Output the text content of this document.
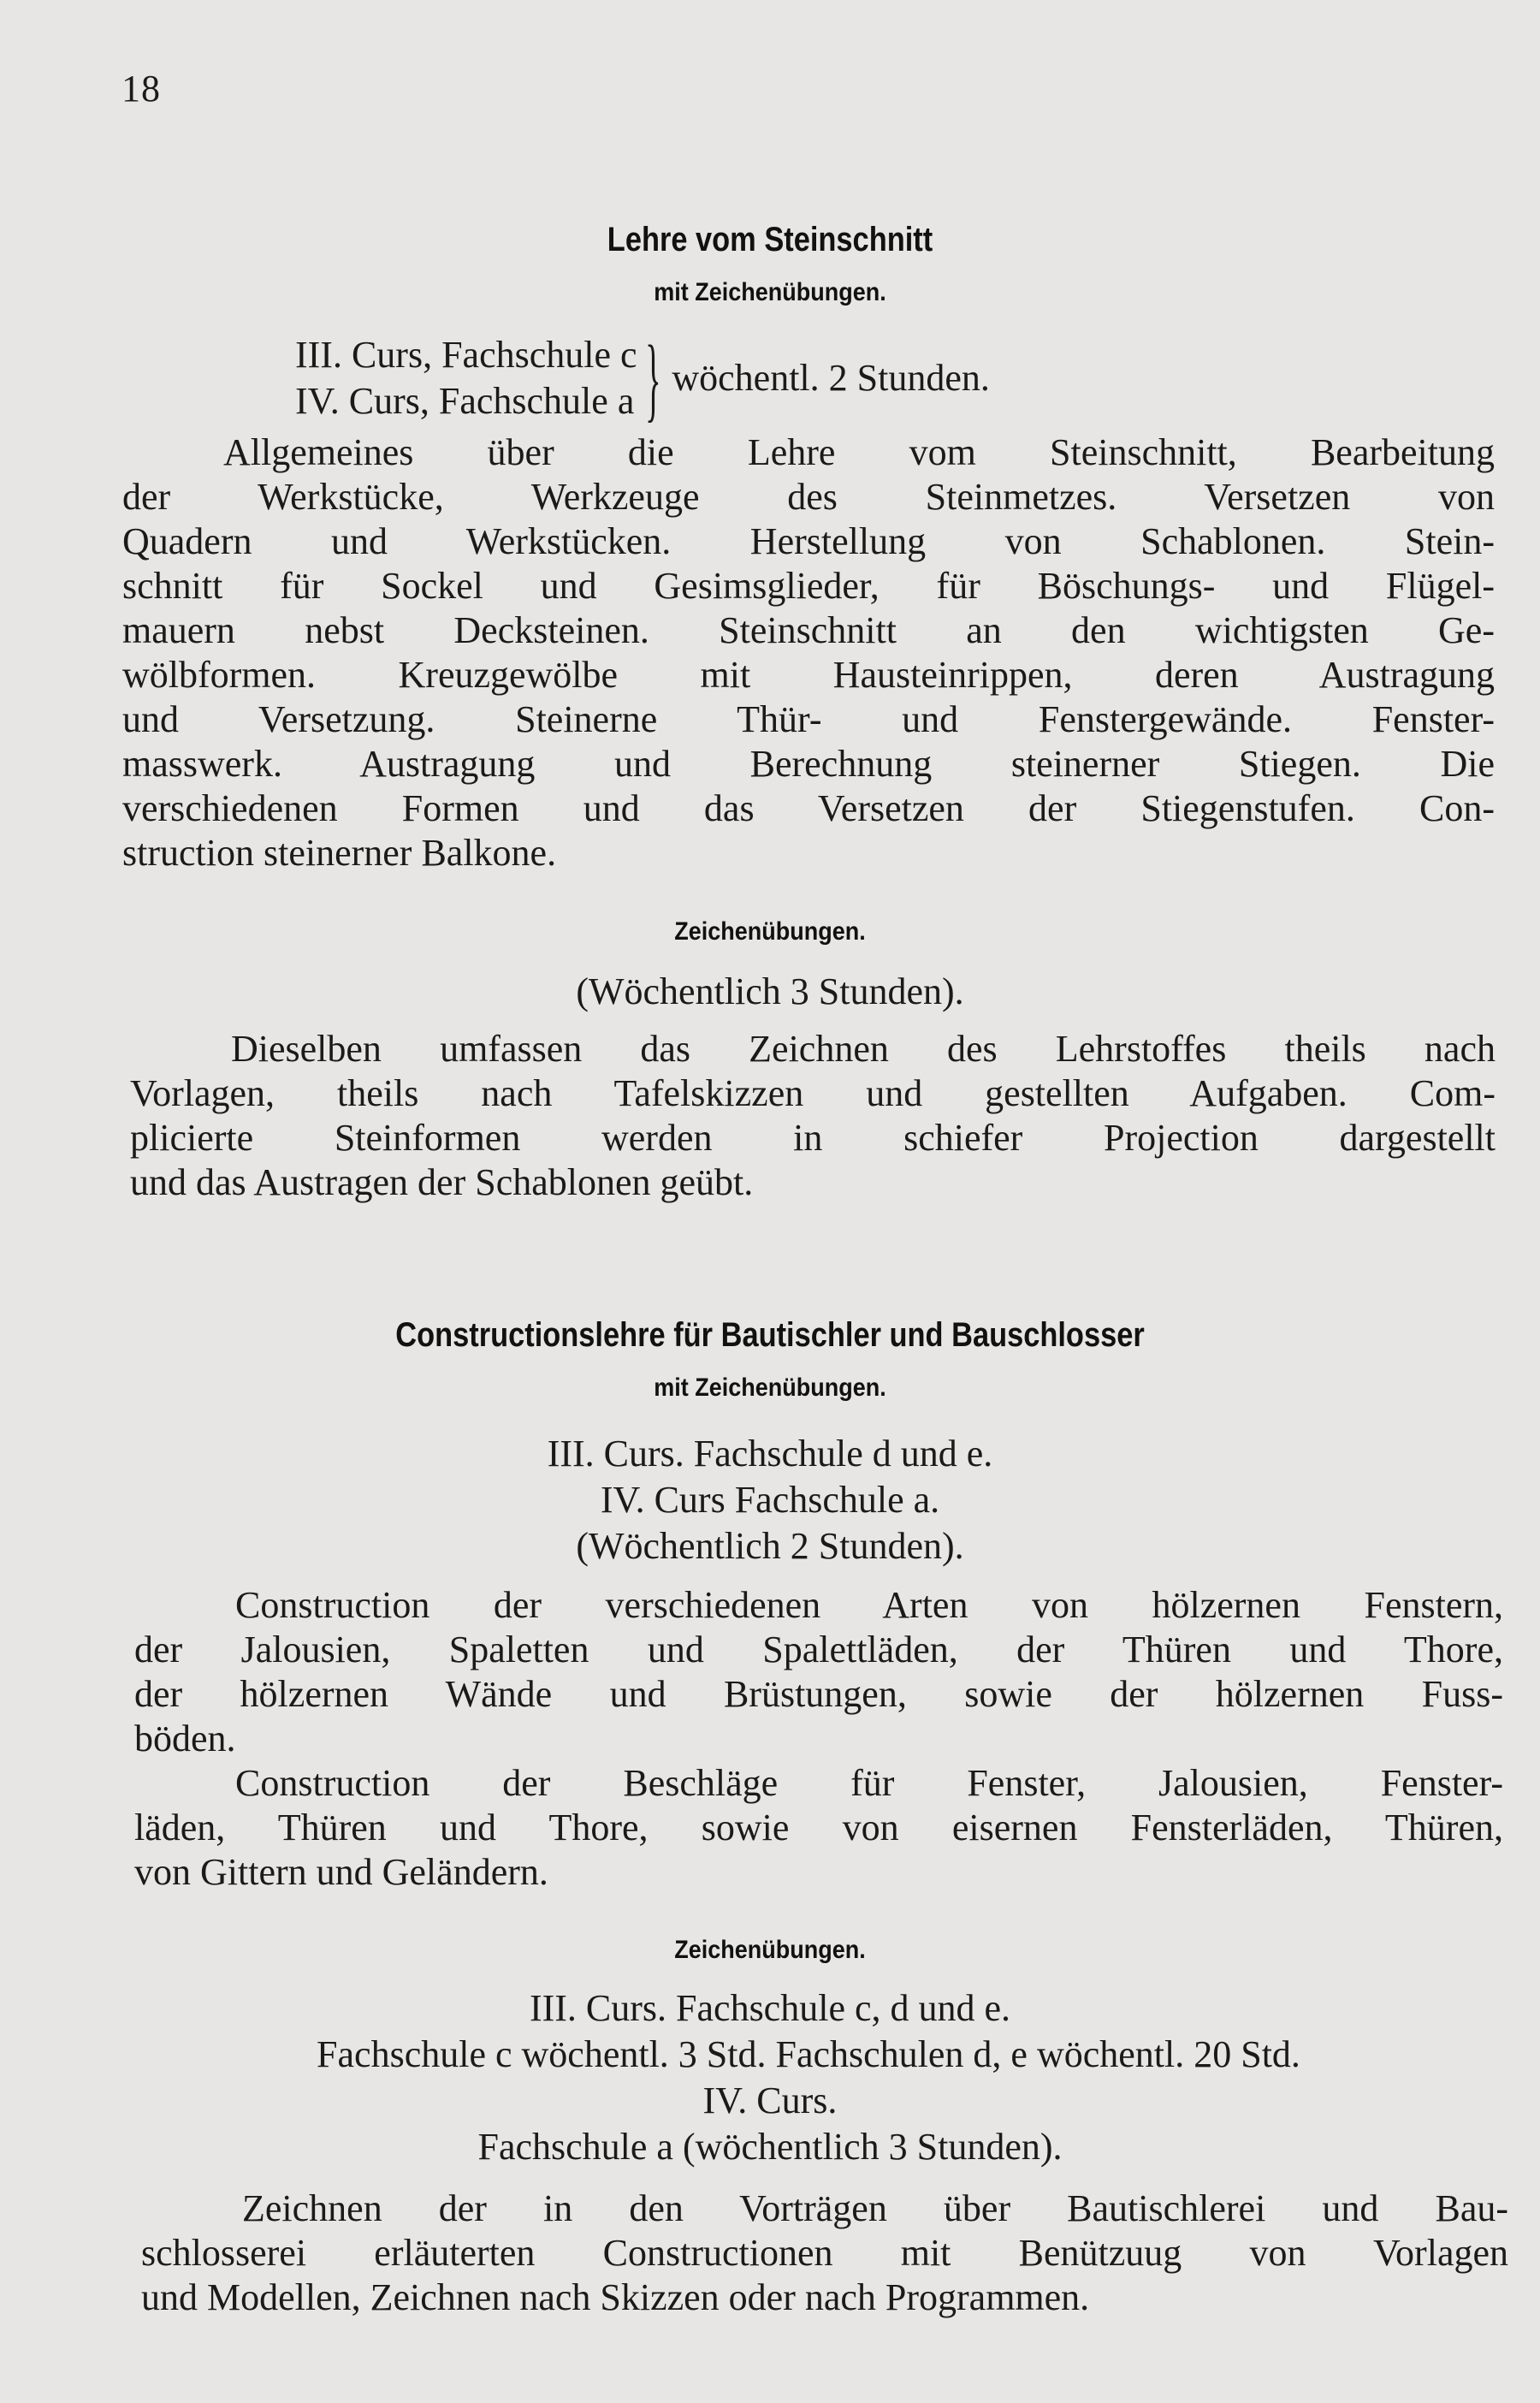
18
Lehre vom Steinschnitt
mit Zeichenübungen.
III. Curs, Fachschule c
IV. Curs, Fachschule a } wöchentl. 2 Stunden.

Allgemeines über die Lehre vom Steinschnitt, Bearbeitung
der Werkstücke, Werkzeuge des Steinmetzes. Versetzen von
Quadern und Werkstücken. Herstellung von Schablonen. Stein-
schnitt für Sockel und Gesimsglieder, für Böschungs- und Flügel-
mauern nebst Decksteinen. Steinschnitt an den wichtigsten Ge-
wölbformen. Kreuzgewölbe mit Hausteinrippen, deren Austragung
und Versetzung. Steinerne Thür- und Fenstergewände. Fenster-
masswerk. Austragung und Berechnung steinerner Stiegen. Die
verschiedenen Formen und das Versetzen der Stiegenstufen. Con-
struction steinerner Balkone.

Zeichenübungen.
(Wöchentlich 3 Stunden).

Dieselben umfassen das Zeichnen des Lehrstoffes theils nach
Vorlagen, theils nach Tafelskizzen und gestellten Aufgaben. Com-
plicierte Steinformen werden in schiefer Projection dargestellt
und das Austragen der Schablonen geübt.

Constructionslehre für Bautischler und Bauschlosser
mit Zeichenübungen.
III. Curs. Fachschule d und e.
IV. Curs Fachschule a.
(Wöchentlich 2 Stunden).

Construction der verschiedenen Arten von hölzernen Fenstern,
der Jalousien, Spaletten und Spalettläden, der Thüren und Thore,
der hölzernen Wände und Brüstungen, sowie der hölzernen Fuss-
böden.

Construction der Beschläge für Fenster, Jalousien, Fenster-
läden, Thüren und Thore, sowie von eisernen Fensterläden, Thüren,
von Gittern und Geländern.

Zeichenübungen.
III. Curs. Fachschule c, d und e.
Fachschule c wöchentl. 3 Std. Fachschulen d, e wöchentl. 20 Std.
IV. Curs.
Fachschule a (wöchentlich 3 Stunden).

Zeichnen der in den Vorträgen über Bautischlerei und Bau-
schlosserei erläuterten Constructionen mit Benützuug von Vorlagen
und Modellen, Zeichnen nach Skizzen oder nach Programmen.
